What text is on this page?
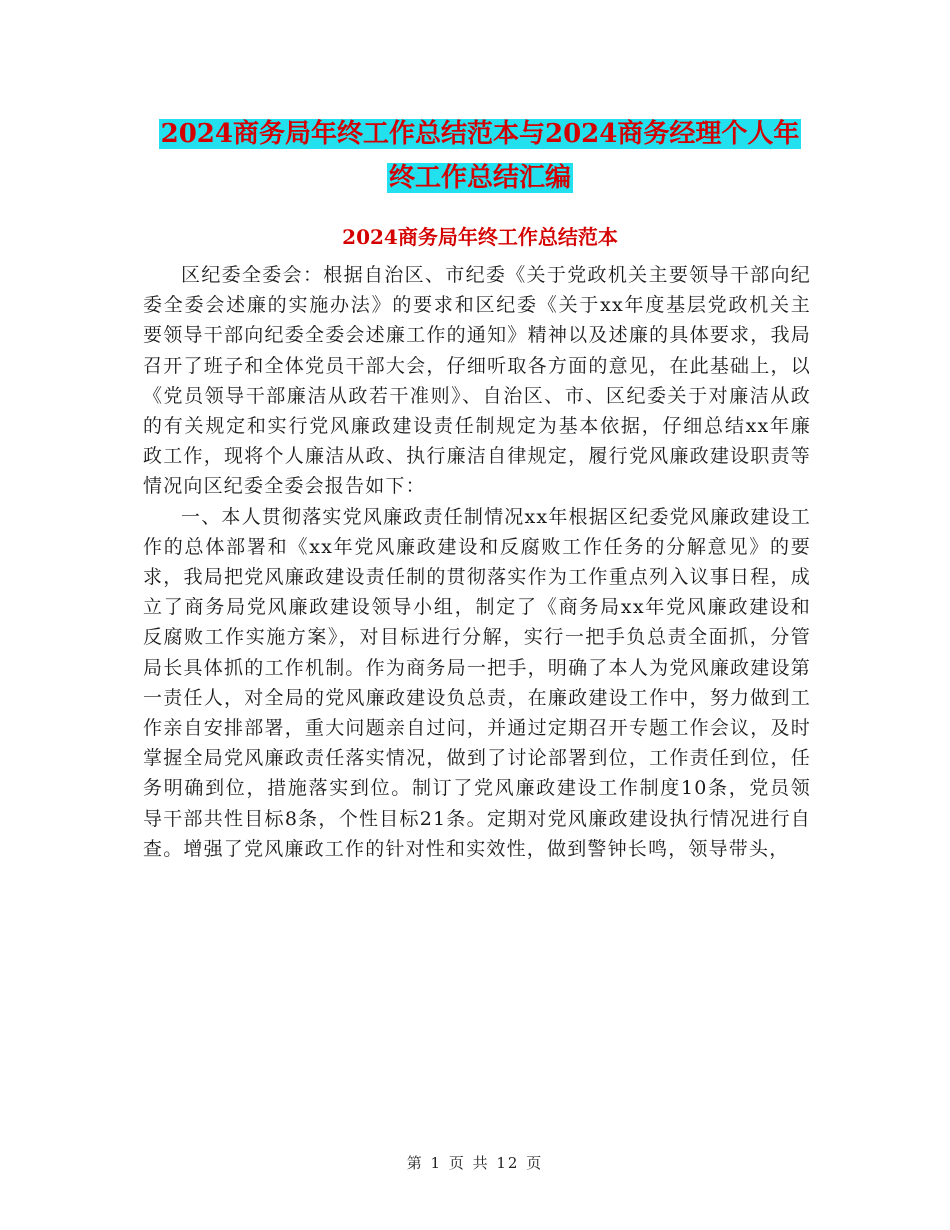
2024商务局年终工作总结范本与2024商务经理个人年
终工作总结汇编
2024商务局年终工作总结范本

区纪委全委会：根据自治区、市纪委《关于党政机关主要领导干部向纪委全委会述廉的实施办法》的要求和区纪委《关于xx年度基层党政机关主要领导干部向纪委全委会述廉工作的通知》精神以及述廉的具体要求，我局召开了班子和全体党员干部大会，仔细听取各方面的意见，在此基础上，以《党员领导干部廉洁从政若干准则》、自治区、市、区纪委关于对廉洁从政的有关规定和实行党风廉政建设责任制规定为基本依据，仔细总结xx年廉政工作，现将个人廉洁从政、执行廉洁自律规定，履行党风廉政建设职责等情况向区纪委全委会报告如下：

一、本人贯彻落实党风廉政责任制情况xx年根据区纪委党风廉政建设工作的总体部署和《xx年党风廉政建设和反腐败工作任务的分解意见》的要求，我局把党风廉政建设责任制的贯彻落实作为工作重点列入议事日程，成立了商务局党风廉政建设领导小组，制定了《商务局xx年党风廉政建设和反腐败工作实施方案》，对目标进行分解，实行一把手负总责全面抓，分管局长具体抓的工作机制。作为商务局一把手，明确了本人为党风廉政建设第一责任人，对全局的党风廉政建设负总责，在廉政建设工作中，努力做到工作亲自安排部署，重大问题亲自过问，并通过定期召开专题工作会议，及时掌握全局党风廉政责任落实情况，做到了讨论部署到位，工作责任到位，任务明确到位，措施落实到位。制订了党风廉政建设工作制度10条，党员领导干部共性目标8条，个性目标21条。定期对党风廉政建设执行情况进行自查。增强了党风廉政工作的针对性和实效性，做到警钟长鸣，领导带头，

第 1 页 共 12 页
